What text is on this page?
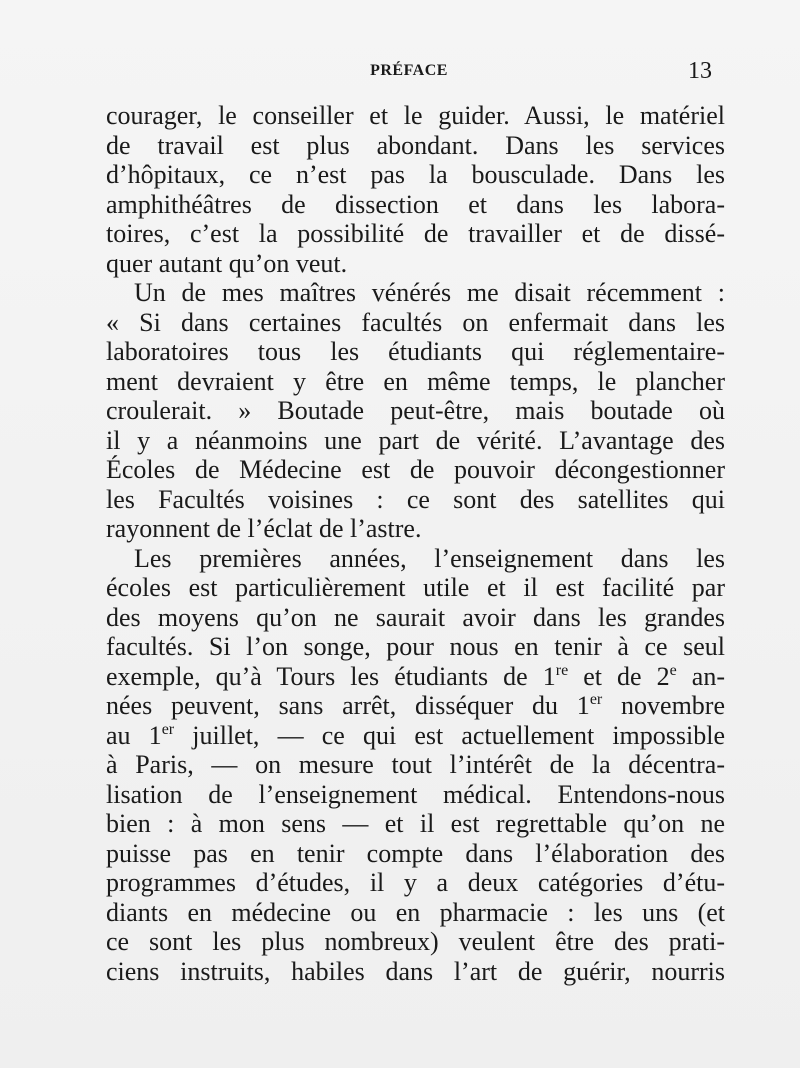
PRÉFACE	13
courager, le conseiller et le guider. Aussi, le matériel
de travail est plus abondant. Dans les services
d’hôpitaux, ce n’est pas la bousculade. Dans les
amphithéâtres de dissection et dans les labora-
toires, c’est la possibilité de travailler et de dissé-
quer autant qu’on veut.
Un de mes maîtres vénérés me disait récemment :
« Si dans certaines facultés on enfermait dans les
laboratoires tous les étudiants qui réglementaire-
ment devraient y être en même temps, le plancher
croulerait. » Boutade peut-être, mais boutade où
il y a néanmoins une part de vérité. L’avantage des
Écoles de Médecine est de pouvoir décongestionner
les Facultés voisines : ce sont des satellites qui
rayonnent de l’éclat de l’astre.
Les premières années, l’enseignement dans les
écoles est particulièrement utile et il est facilité par
des moyens qu’on ne saurait avoir dans les grandes
facultés. Si l’on songe, pour nous en tenir à ce seul
exemple, qu’à Tours les étudiants de 1re et de 2e an-
nées peuvent, sans arrêt, disséquer du 1er novembre
au 1er juillet, — ce qui est actuellement impossible
à Paris, — on mesure tout l’intérêt de la décentra-
lisation de l’enseignement médical. Entendons-nous
bien : à mon sens — et il est regrettable qu’on ne
puisse pas en tenir compte dans l’élaboration des
programmes d’études, il y a deux catégories d’étu-
diants en médecine ou en pharmacie : les uns (et
ce sont les plus nombreux) veulent être des prati-
ciens instruits, habiles dans l’art de guérir, nourris
